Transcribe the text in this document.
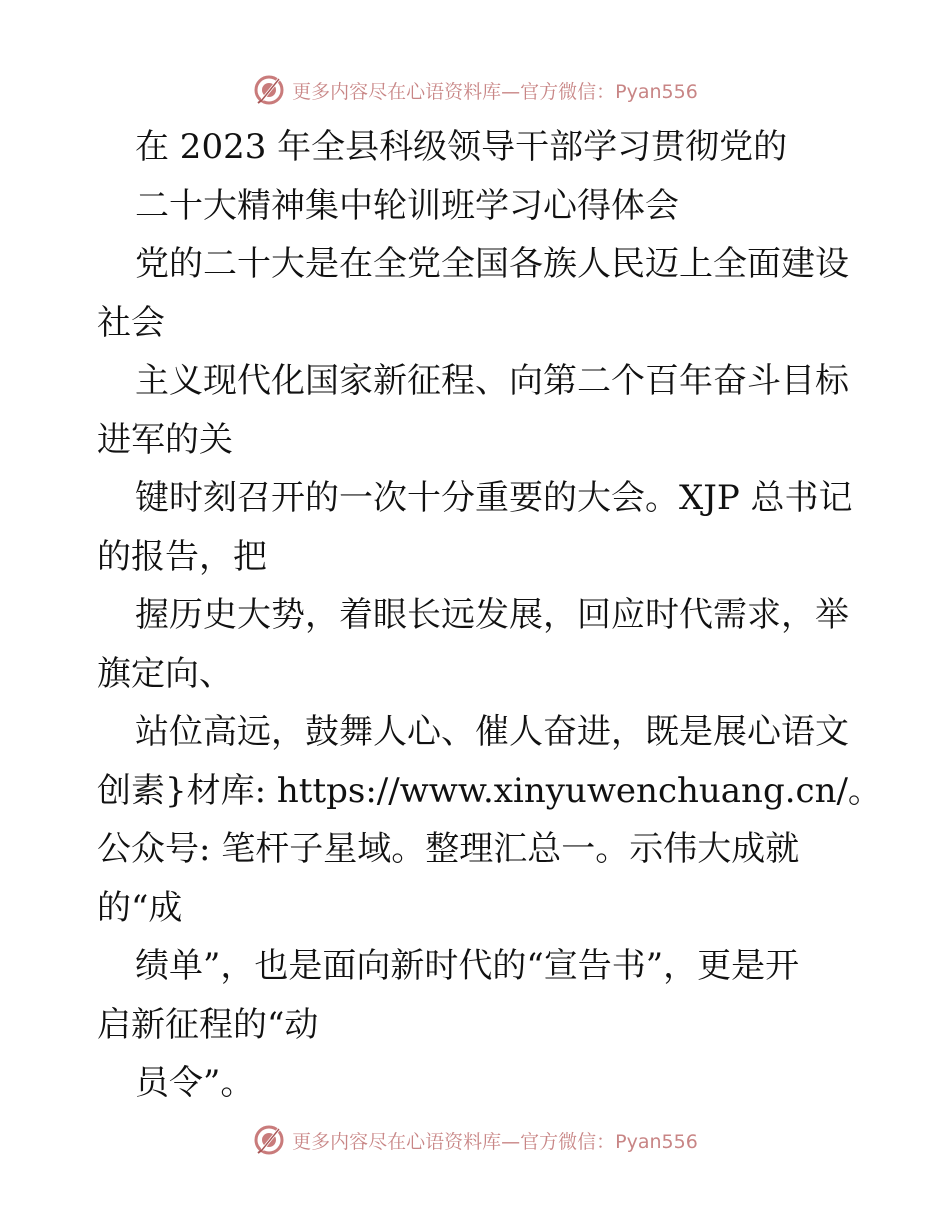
更多内容尽在心语资料库—官方微信：Pyan556
在 2023 年全县科级领导干部学习贯彻党的
二十大精神集中轮训班学习心得体会
党的二十大是在全党全国各族人民迈上全面建设
社会
主义现代化国家新征程、向第二个百年奋斗目标
进军的关
键时刻召开的一次十分重要的大会。XJP 总书记
的报告，把
握历史大势，着眼长远发展，回应时代需求，举
旗定向、
站位高远，鼓舞人心、催人奋进，既是展心语文
创素}材库: https://www.xinyuwenchuang.cn/。
公众号: 笔杆子星域。整理汇总一。示伟大成就
的“成
绩单”，也是面向新时代的“宣告书”，更是开
启新征程的“动
员令”。
更多内容尽在心语资料库—官方微信：Pyan556
